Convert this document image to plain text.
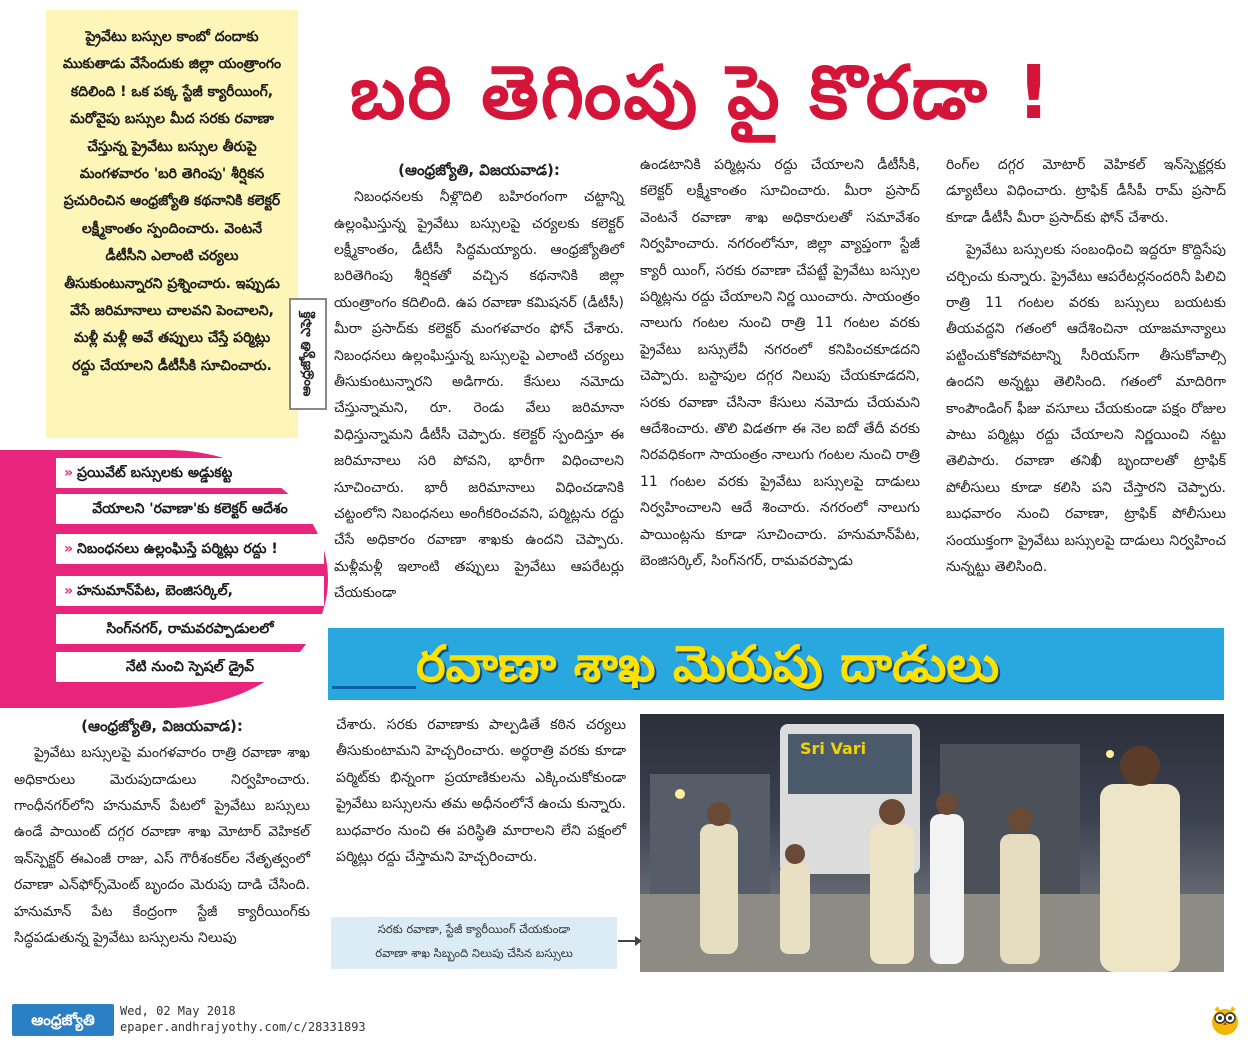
ప్రైవేటు బస్సుల కాంబో దందాకు ముకుతాడు వేసేందుకు జిల్లా యంత్రాంగం కదిలింది ! ఒక పక్క స్టేజీ క్యారీయింగ్, మరోవైపు బస్సుల మీద సరకు రవాణా చేస్తున్న ప్రైవేటు బస్సుల తీరుపై మంగళవారం 'బరి తెగింపు' శీర్షికన ప్రచురించిన ఆంధ్రజ్యోతి కథనానికి కలెక్టర్ లక్ష్మీకాంతం స్పందించారు. వెంటనే డీటీసీని ఎలాంటి చర్యలు తీసుకుంటున్నారని ప్రశ్నించారు. ఇప్పుడు వేసే జరిమానాలు చాలవని పెంచాలని, మళ్లీ మళ్లీ అవే తప్పులు చేస్తే పర్మిట్లు రద్దు చేయాలని డీటీసీకి సూచించారు.	ఆంధ్రజ్యోతి ఎఫెక్ట్
బరి తెగింపు పై కొరడా !

(ఆంధ్రజ్యోతి, విజయవాడ):

నిబంధనలకు నీళ్లొదిలి బహిరంగంగా చట్టాన్ని ఉల్లంఘిస్తున్న ప్రైవేటు బస్సులపై చర్యలకు కలెక్టర్ లక్ష్మీకాంతం, డీటీసీ సిద్ధమయ్యారు. ఆంధ్రజ్యోతిలో బరితెగింపు శీర్షికతో వచ్చిన కథనానికి జిల్లా యంత్రాంగం కదిలింది. ఉప రవాణా కమిషనర్ (డీటీసీ) మీరా ప్రసాద్‌కు కలెక్టర్ మంగళవారం ఫోన్ చేశారు. నిబంధనలు ఉల్లంఘిస్తున్న బస్సులపై ఎలాంటి చర్యలు తీసుకుంటున్నారని అడిగారు. కేసులు నమోదు చేస్తున్నామని, రూ. రెండు వేలు జరిమానా విధిస్తున్నామని డీటీసీ చెప్పారు. కలెక్టర్ స్పందిస్తూ ఈ జరిమానాలు సరి పోవని, భారీగా విధించాలని సూచించారు. భారీ జరిమానాలు విధించడానికి చట్టంలోని నిబంధనలు అంగీకరించవని, పర్మిట్లను రద్దు చేసే అధికారం రవాణా శాఖకు ఉందని చెప్పారు. మళ్లీమళ్లీ ఇలాంటి తప్పులు ప్రైవేటు ఆపరేటర్లు చేయకుండా

ఉండటానికి పర్మిట్లను రద్దు చేయాలని డీటీసీకి, కలెక్టర్ లక్ష్మీకాంతం సూచించారు. మీరా ప్రసాద్ వెంటనే రవాణా శాఖ అధికారులతో సమావేశం నిర్వహించారు. నగరంలోనూ, జిల్లా వ్యాప్తంగా స్టేజీ క్యారీ యింగ్, సరకు రవాణా చేపట్టే ప్రైవేటు బస్సుల పర్మిట్లను రద్దు చేయాలని నిర్ణ యించారు. సాయంత్రం నాలుగు గంటల నుంచి రాత్రి 11 గంటల వరకు ప్రైవేటు బస్సులేవీ నగరంలో కనిపించకూడదని చెప్పారు. బస్టాపుల దగ్గర నిలుపు చేయకూడదని, సరకు రవాణా చేసినా కేసులు నమోదు చేయమని ఆదేశించారు. తొలి విడతగా ఈ నెల ఐదో తేదీ వరకు నిరవధికంగా సాయంత్రం నాలుగు గంటల నుంచి రాత్రి 11 గంటల వరకు ప్రైవేటు బస్సులపై దాడులు నిర్వహించాలని ఆదే శించారు. నగరంలో నాలుగు పాయింట్లను కూడా సూచించారు. హనుమాన్‌పేట, బెంజిసర్కిల్, సింగ్‌నగర్, రామవరప్పాడు

రింగ్‌ల దగ్గర మోటార్ వెహికల్ ఇన్‌స్పెక్టర్లకు డ్యూటీలు విధించారు. ట్రాఫిక్ డీసీపీ రామ్ ప్రసాద్ కూడా డీటీసీ మీరా ప్రసాద్‌కు ఫోన్ చేశారు.

ప్రైవేటు బస్సులకు సంబంధించి ఇద్దరూ కొద్దిసేపు చర్చించు కున్నారు. ప్రైవేటు ఆపరేటర్లనందరినీ పిలిచి రాత్రి 11 గంటల వరకు బస్సులు బయటకు తీయవద్దని గతంలో ఆదేశించినా యాజమాన్యాలు పట్టించుకోకపోవటాన్ని సీరియస్‌గా తీసుకోవాల్సి ఉందని అన్నట్టు తెలిసింది. గతంలో మాదిరిగా కాంపౌండింగ్ ఫీజు వసూలు చేయకుండా పక్షం రోజుల పాటు పర్మిట్లు రద్దు చేయాలని నిర్ణయించి నట్టు తెలిపారు. రవాణా తనిఖీ బృందాలతో ట్రాఫిక్ పోలీసులు కూడా కలిసి పని చేస్తారని చెప్పారు. బుధవారం నుంచి రవాణా, ట్రాఫిక్ పోలీసులు సంయుక్తంగా ప్రైవేటు బస్సులపై దాడులు నిర్వహించ నున్నట్టు తెలిసింది.

» ప్రయివేట్ బస్సులకు అడ్డుకట్ట
వేయాలని 'రవాణా'కు కలెక్టర్ ఆదేశం
» నిబంధనలు ఉల్లంఘిస్తే పర్మిట్లు రద్దు !
» హనుమాన్‌పేట, బెంజిసర్కిల్,
సింగ్‌నగర్, రామవరప్పాడులలో
నేటి నుంచి స్పెషల్ డ్రైవ్	రవాణా శాఖ మెరుపు దాడులు

(ఆంధ్రజ్యోతి, విజయవాడ):

ప్రైవేటు బస్సులపై మంగళవారం రాత్రి రవాణా శాఖ అధికారులు మెరుపుదాడులు నిర్వహించారు. గాంధీనగర్‌లోని హనుమాన్ పేటలో ప్రైవేటు బస్సులు ఉండే పాయింట్ దగ్గర రవాణా శాఖ మోటార్ వెహికల్ ఇన్‌స్పెక్టర్ ఈఎంజీ రాజు, ఎస్ గౌరీశంకర్‌ల నేతృత్వంలో రవాణా ఎన్‌ఫోర్స్‌మెంట్ బృందం మెరుపు దాడి చేసింది. హనుమాన్ పేట కేంద్రంగా స్టేజీ క్యారీయింగ్‌కు సిద్ధపడుతున్న ప్రైవేటు బస్సులను నిలుపు

చేశారు. సరకు రవాణాకు పాల్పడితే కఠిన చర్యలు తీసుకుంటామని హెచ్చరించారు. అర్థరాత్రి వరకు కూడా పర్మిట్‌కు భిన్నంగా ప్రయాణికులను ఎక్కించుకోకుండా ప్రైవేటు బస్సులను తమ అధీనంలోనే ఉంచు కున్నారు. బుధవారం నుంచి ఈ పరిస్థితి మారాలని లేని పక్షంలో పర్మిట్లు రద్దు చేస్తామని హెచ్చరించారు.

Sri Vari
సరకు రవాణా, స్టేజీ క్యారీయింగ్ చేయకుండా
రవాణా శాఖ సిబ్బంది నిలుపు చేసిన బస్సులు
ఆంధ్రజ్యోతి	Wed, 02 May 2018
epaper.andhrajyothy.com/c/28331893
